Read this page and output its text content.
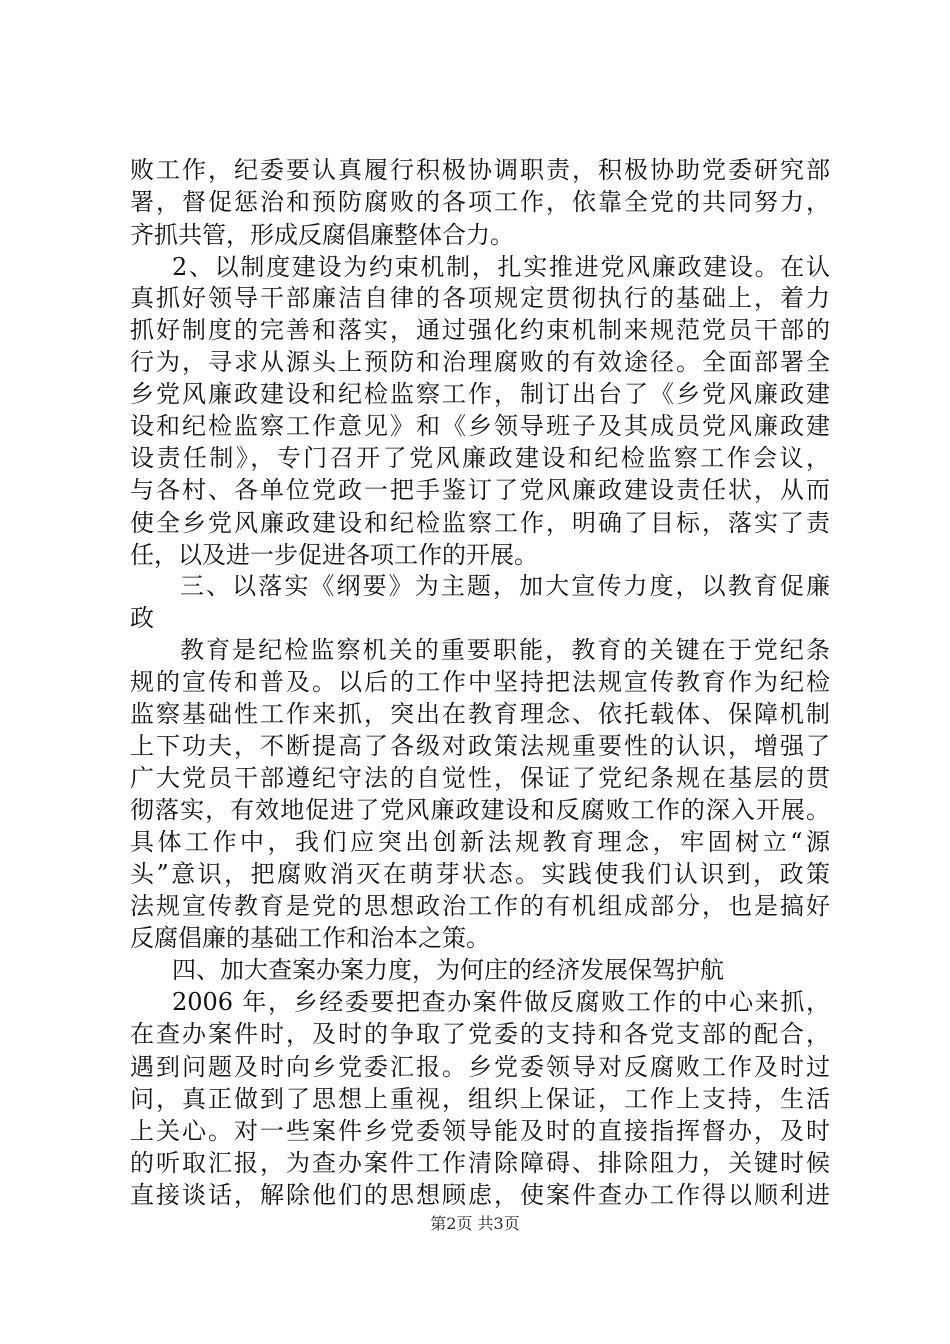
败工作，纪委要认真履行积极协调职责，积极协助党委研究部
署，督促惩治和预防腐败的各项工作，依靠全党的共同努力，
齐抓共管，形成反腐倡廉整体合力。
2、以制度建设为约束机制，扎实推进党风廉政建设。在认
真抓好领导干部廉洁自律的各项规定贯彻执行的基础上，着力
抓好制度的完善和落实，通过强化约束机制来规范党员干部的
行为，寻求从源头上预防和治理腐败的有效途径。全面部署全
乡党风廉政建设和纪检监察工作，制订出台了《乡党风廉政建
设和纪检监察工作意见》和《乡领导班子及其成员党风廉政建
设责任制》，专门召开了党风廉政建设和纪检监察工作会议，
与各村、各单位党政一把手鉴订了党风廉政建设责任状，从而
使全乡党风廉政建设和纪检监察工作，明确了目标，落实了责
任，以及进一步促进各项工作的开展。
三、以落实《纲要》为主题，加大宣传力度，以教育促廉
政
教育是纪检监察机关的重要职能，教育的关键在于党纪条
规的宣传和普及。以后的工作中坚持把法规宣传教育作为纪检
监察基础性工作来抓，突出在教育理念、依托载体、保障机制
上下功夫，不断提高了各级对政策法规重要性的认识，增强了
广大党员干部遵纪守法的自觉性，保证了党纪条规在基层的贯
彻落实，有效地促进了党风廉政建设和反腐败工作的深入开展。
具体工作中，我们应突出创新法规教育理念，牢固树立“源
头”意识，把腐败消灭在萌芽状态。实践使我们认识到，政策
法规宣传教育是党的思想政治工作的有机组成部分，也是搞好
反腐倡廉的基础工作和治本之策。
四、加大查案办案力度，为何庄的经济发展保驾护航
2006 年，乡经委要把查办案件做反腐败工作的中心来抓，
在查办案件时，及时的争取了党委的支持和各党支部的配合，
遇到问题及时向乡党委汇报。乡党委领导对反腐败工作及时过
问，真正做到了思想上重视，组织上保证，工作上支持，生活
上关心。对一些案件乡党委领导能及时的直接指挥督办，及时
的听取汇报，为查办案件工作清除障碍、排除阻力，关键时候
直接谈话，解除他们的思想顾虑，使案件查办工作得以顺利进
第2页 共3页
